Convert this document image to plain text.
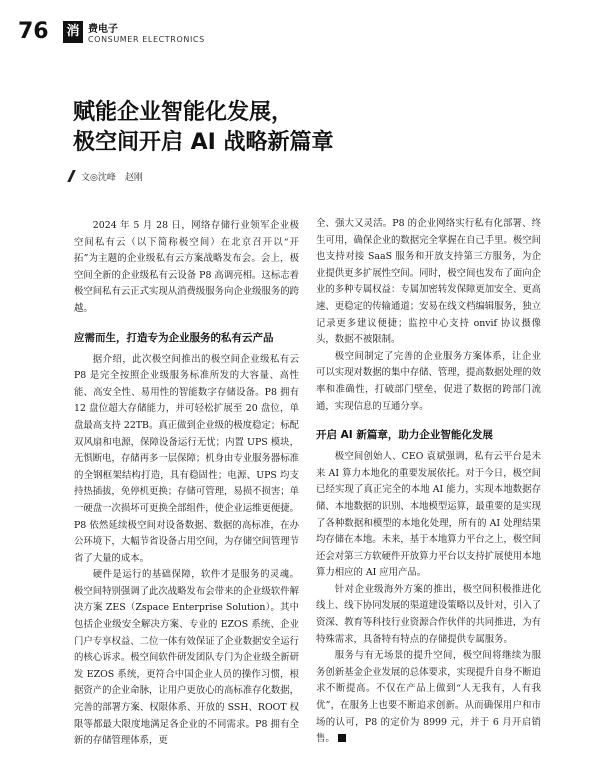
76 消 费电子
CONSUMER ELECTRONICS
赋能企业智能化发展，
极空间开启 AI 战略新篇章
文◎沈峰　赵刚

2024 年 5 月 28 日，网络存储行业领军企业极空间私有云（以下简称极空间）在北京召开以“开拓”为主题的企业级私有云方案战略发布会。会上，极空间全新的企业级私有云设备 P8 高调亮相。这标志着极空间私有云正式实现从消费级服务向企业级服务的跨越。

应需而生，打造专为企业服务的私有云产品

据介绍，此次极空间推出的极空间企业级私有云 P8 是完全按照企业级服务标准所发的大容量、高性能、高安全性、易用性的智能数字存储设备。P8 拥有 12 盘位超大存储能力，并可轻松扩展至 20 盘位，单盘最高支持 22TB。真正做到企业级的极度稳定；标配双风扇和电源，保障设备运行无忧；内置 UPS 模块，无惧断电，存储再多一层保障；机身由专业服务器标准的全钢框架结构打造，具有稳固性；电源、UPS 均支持热插拔，免停机更换；存储可管理，易损不损害；单一硬盘一次损坏可更换全部组件，使企业运维更便捷。P8 依然延续极空间对设备数据、数据的高标准，在办公环境下，大幅节省设备占用空间，为存储空间管理节省了大量的成本。

硬件是运行的基础保障，软件才是服务的灵魂。极空间特别强调了此次战略发布会带来的企业级软件解决方案 ZES（Zspace Enterprise Solution）。其中包括企业级安全解决方案、专业的 EZOS 系统、企业门户专享权益、二位一体有效保证了企业数据安全运行的核心诉求。极空间软件研发团队专门为企业级全新研发 EZOS 系统，更符合中国企业人员的操作习惯，根据资产的企业命脉，让用户更放心的高标准存化数据，完善的部署方案、权限体系、开放的 SSH、ROOT 权限等都最大限度地满足各企业的不同需求。P8 拥有全新的存储管理体系，更

全、强大又灵活。P8 的企业网络实行私有化部署、终生可用，确保企业的数据完全掌握在自己手里。极空间也支持对接 SaaS 服务和开放支持第三方服务，为企业提供更多扩展性空间。同时，极空间也发布了面向企业的多种专属权益：专属加密转发保障更加安全、更高速、更稳定的传输通道；安易在线文档编辑服务，独立记录更多建议便捷；监控中心支持 onvif 协议摄像头，数据不被限制。

极空间制定了完善的企业服务方案体系，让企业可以实现对数据的集中存储、管理，提高数据处理的效率和准确性，打破部门壁垒，促进了数据的跨部门流通，实现信息的互通分享。

开启 AI 新篇章，助力企业智能化发展

极空间创始人、CEO 袁斌强调，私有云平台是未来 AI 算力本地化的重要发展依托。对于今日，极空间已经实现了真正完全的本地 AI 能力，实现本地数据存储、本地数据的识别、本地模型运算，最重要的是实现了各种数据和模型的本地化处理，所有的 AI 处理结果均存储在本地。未来，基于本地算力平台之上，极空间还会对第三方软硬件开放算力平台以支持扩展使用本地算力相应的 AI 应用产品。

针对企业级海外方案的推出，极空间积极推进化线上、线下协同发展的渠道建设策略以及针对，引入了资深、教育等科技行业资源合作伙伴的共同推进，为有特殊需求，具备特有特点的存储提供专属服务。

服务与有无场景的提升空间，极空间将继续为服务创新基金企业发展的总体要求，实现提升自身不断追求不断提高。不仅在产品上做到“人无我有，人有我优”，在服务上也要不断追求创新。从而确保用户和市场的认可，P8 的定价为 8999 元，并于 6 月开启销售。
